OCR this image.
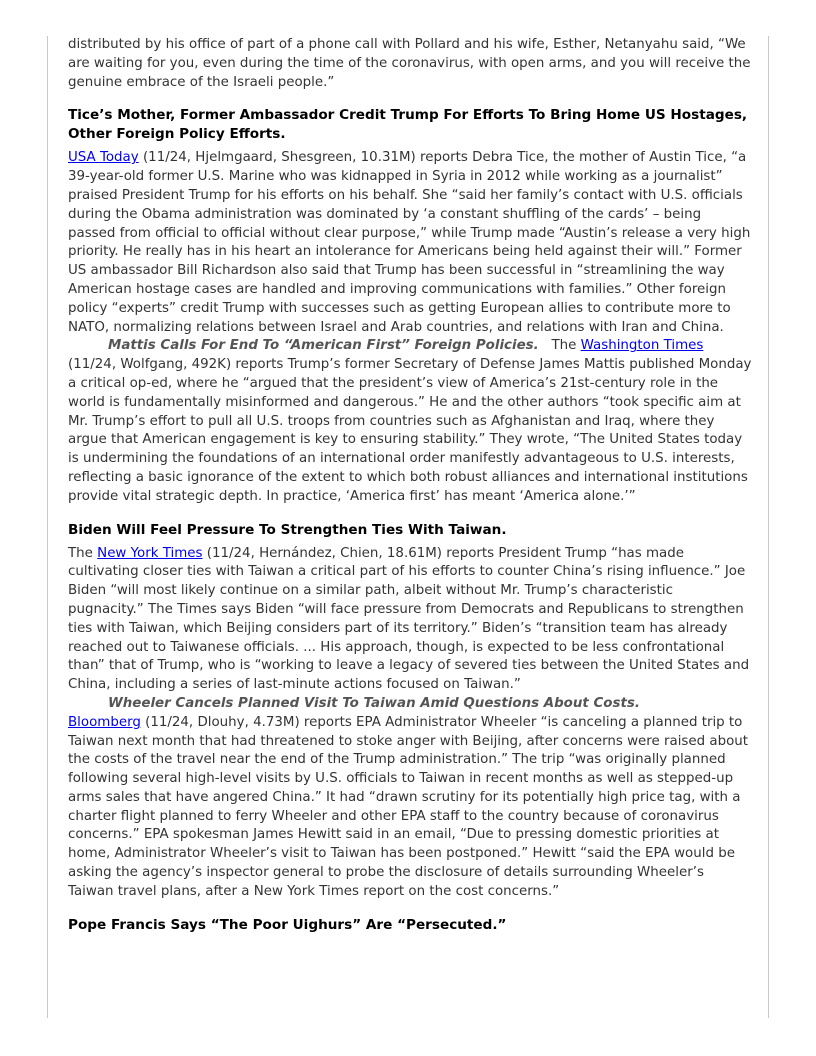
distributed by his office of part of a phone call with Pollard and his wife, Esther, Netanyahu said, “We are waiting for you, even during the time of the coronavirus, with open arms, and you will receive the genuine embrace of the Israeli people.”

Tice’s Mother, Former Ambassador Credit Trump For Efforts To Bring Home US Hostages, Other Foreign Policy Efforts.

USA Today (11/24, Hjelmgaard, Shesgreen, 10.31M) reports Debra Tice, the mother of Austin Tice, “a 39-year-old former U.S. Marine who was kidnapped in Syria in 2012 while working as a journalist” praised President Trump for his efforts on his behalf. She “said her family’s contact with U.S. officials during the Obama administration was dominated by ‘a constant shuffling of the cards’ – being passed from official to official without clear purpose,” while Trump made “Austin’s release a very high priority. He really has in his heart an intolerance for Americans being held against their will.” Former US ambassador Bill Richardson also said that Trump has been successful in “streamlining the way American hostage cases are handled and improving communications with families.” Other foreign policy “experts” credit Trump with successes such as getting European allies to contribute more to NATO, normalizing relations between Israel and Arab countries, and relations with Iran and China.

Mattis Calls For End To “American First” Foreign Policies.   The Washington Times (11/24, Wolfgang, 492K) reports Trump’s former Secretary of Defense James Mattis published Monday a critical op-ed, where he “argued that the president’s view of America’s 21st-century role in the world is fundamentally misinformed and dangerous.” He and the other authors “took specific aim at Mr. Trump’s effort to pull all U.S. troops from countries such as Afghanistan and Iraq, where they argue that American engagement is key to ensuring stability.” They wrote, “The United States today is undermining the foundations of an international order manifestly advantageous to U.S. interests, reflecting a basic ignorance of the extent to which both robust alliances and international institutions provide vital strategic depth. In practice, ‘America first’ has meant ‘America alone.’”

Biden Will Feel Pressure To Strengthen Ties With Taiwan.

The New York Times (11/24, Hernández, Chien, 18.61M) reports President Trump “has made cultivating closer ties with Taiwan a critical part of his efforts to counter China’s rising influence.” Joe Biden “will most likely continue on a similar path, albeit without Mr. Trump’s characteristic pugnacity.” The Times says Biden “will face pressure from Democrats and Republicans to strengthen ties with Taiwan, which Beijing considers part of its territory.” Biden’s “transition team has already reached out to Taiwanese officials. ... His approach, though, is expected to be less confrontational than” that of Trump, who is “working to leave a legacy of severed ties between the United States and China, including a series of last-minute actions focused on Taiwan.”

Wheeler Cancels Planned Visit To Taiwan Amid Questions About Costs.

Bloomberg (11/24, Dlouhy, 4.73M) reports EPA Administrator Wheeler “is canceling a planned trip to Taiwan next month that had threatened to stoke anger with Beijing, after concerns were raised about the costs of the travel near the end of the Trump administration.” The trip “was originally planned following several high-level visits by U.S. officials to Taiwan in recent months as well as stepped-up arms sales that have angered China.” It had “drawn scrutiny for its potentially high price tag, with a charter flight planned to ferry Wheeler and other EPA staff to the country because of coronavirus concerns.” EPA spokesman James Hewitt said in an email, “Due to pressing domestic priorities at home, Administrator Wheeler’s visit to Taiwan has been postponed.” Hewitt “said the EPA would be asking the agency’s inspector general to probe the disclosure of details surrounding Wheeler’s Taiwan travel plans, after a New York Times report on the cost concerns.”

Pope Francis Says “The Poor Uighurs” Are “Persecuted.”
